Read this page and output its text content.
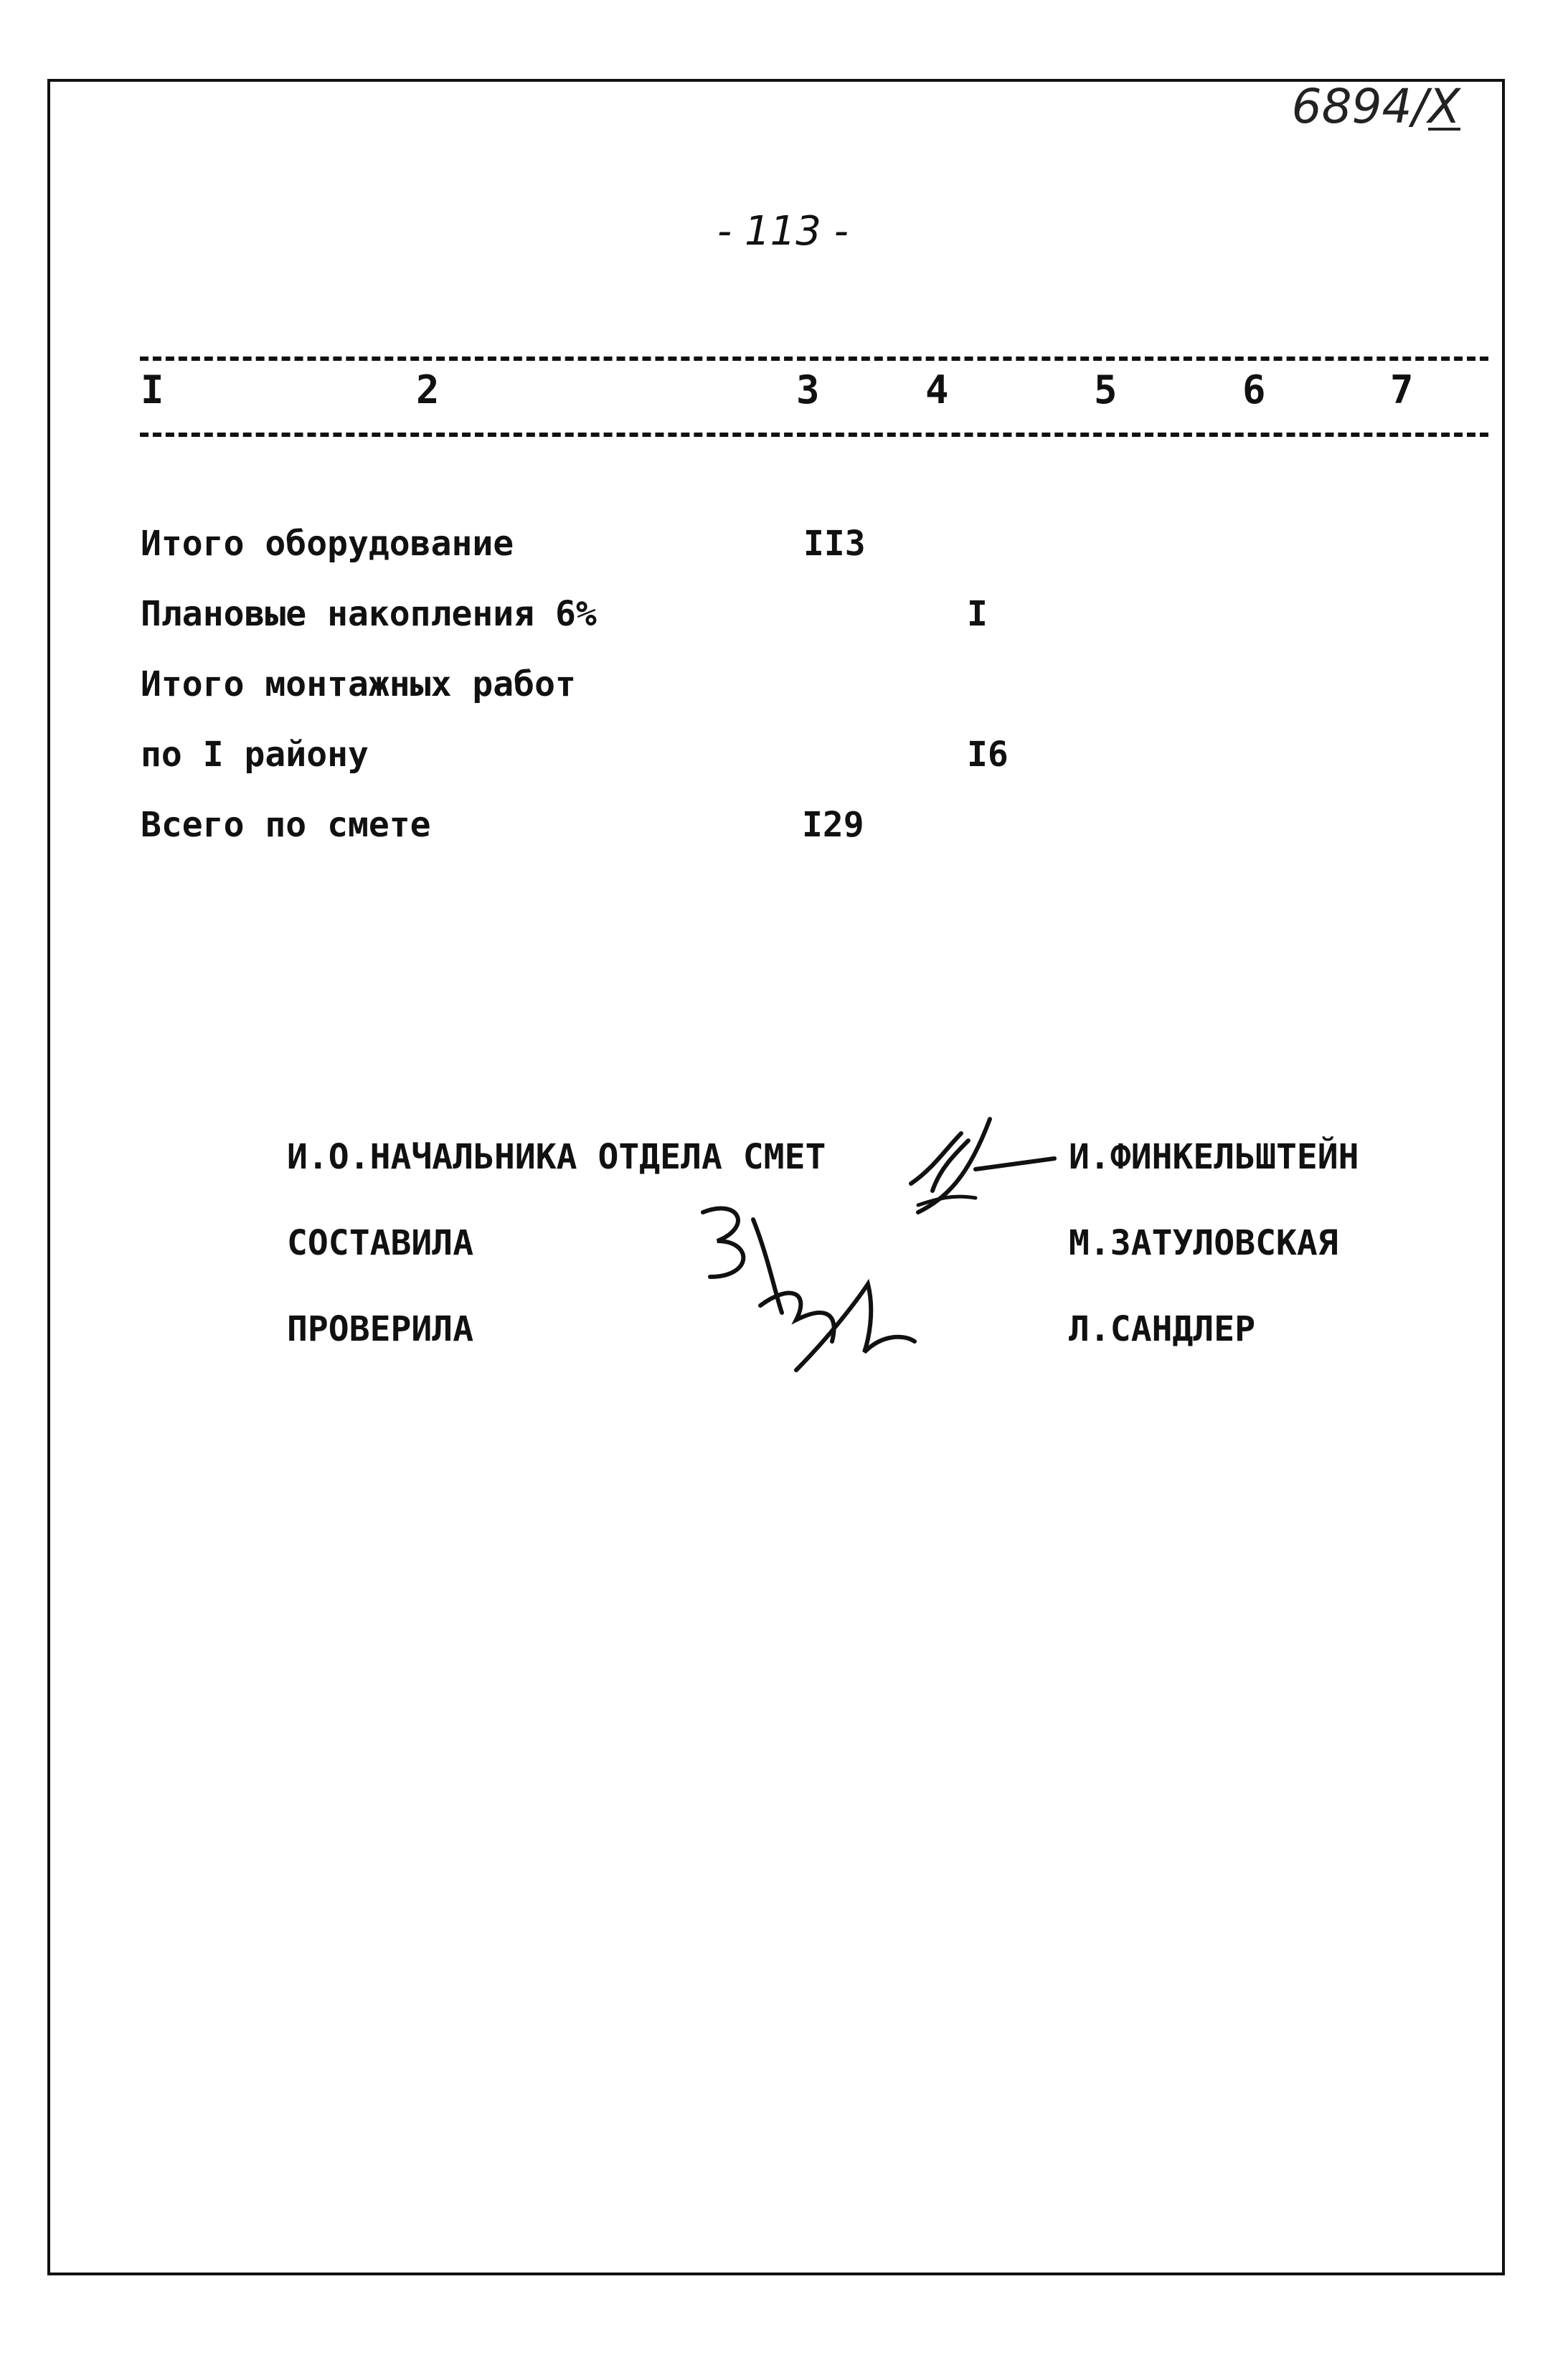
6894/X
- 113 -
I	2	3	4	5	6	7
Итого оборудование	II3
Плановые накопления 6%	I
Итого монтажных работ
по I району	I6
Всего по смете	I29
И.О.НАЧАЛЬНИКА ОТДЕЛА СМЕТ	И.ФИНКЕЛЬШТЕЙН
СОСТАВИЛА	М.ЗАТУЛОВСКАЯ
ПРОВЕРИЛА	Л.САНДЛЕР
